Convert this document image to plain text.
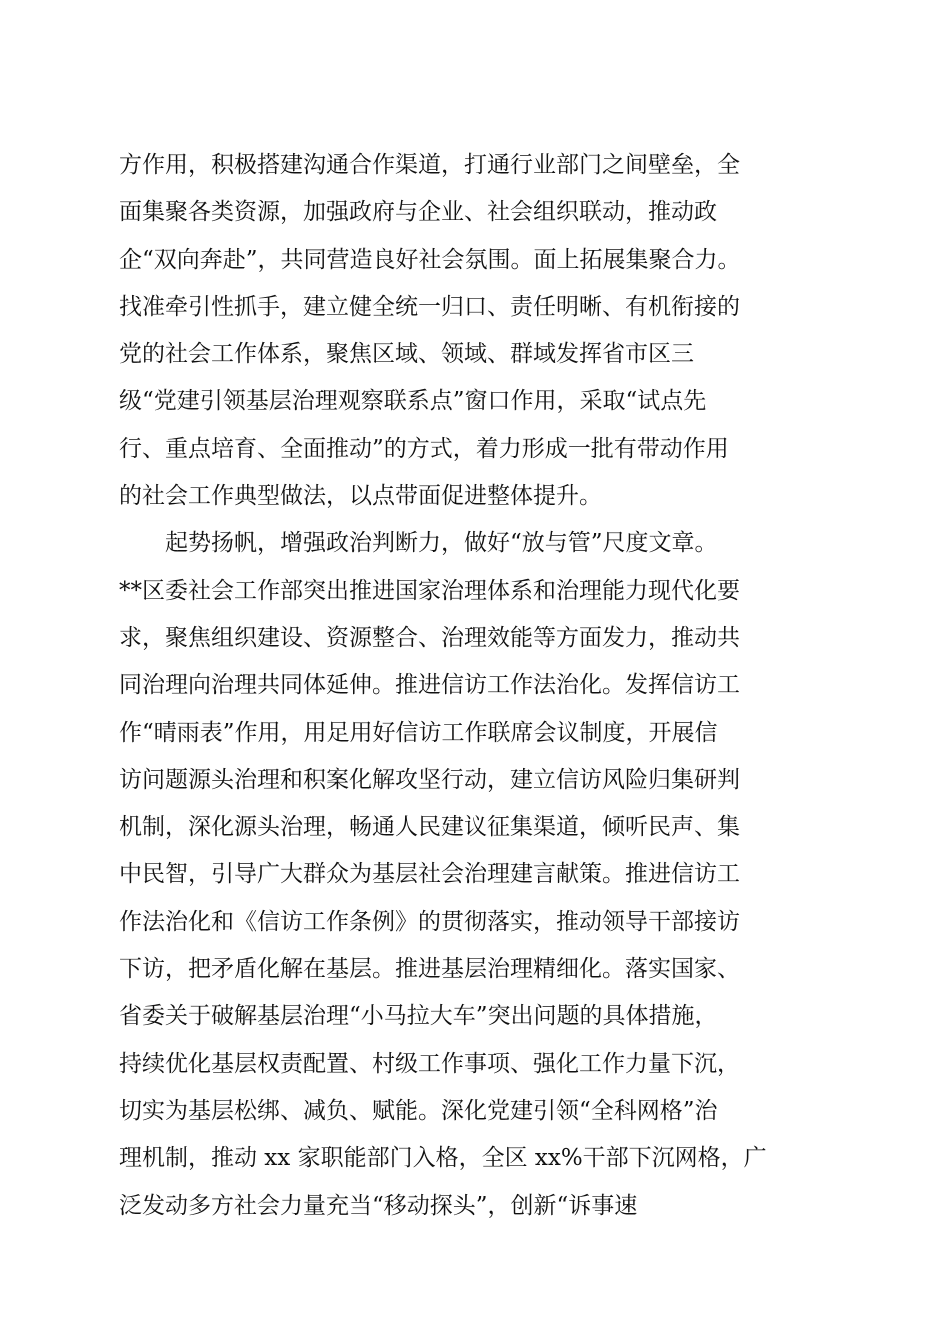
方作用，积极搭建沟通合作渠道，打通行业部门之间壁垒，全
面集聚各类资源，加强政府与企业、社会组织联动，推动政
企“双向奔赴”，共同营造良好社会氛围。面上拓展集聚合力。
找准牵引性抓手，建立健全统一归口、责任明晰、有机衔接的
党的社会工作体系，聚焦区域、领域、群域发挥省市区三
级“党建引领基层治理观察联系点”窗口作用，采取“试点先
行、重点培育、全面推动”的方式，着力形成一批有带动作用
的社会工作典型做法，以点带面促进整体提升。
起势扬帆，增强政治判断力，做好“放与管”尺度文章。
**区委社会工作部突出推进国家治理体系和治理能力现代化要
求，聚焦组织建设、资源整合、治理效能等方面发力，推动共
同治理向治理共同体延伸。推进信访工作法治化。发挥信访工
作“晴雨表”作用，用足用好信访工作联席会议制度，开展信
访问题源头治理和积案化解攻坚行动，建立信访风险归集研判
机制，深化源头治理，畅通人民建议征集渠道，倾听民声、集
中民智，引导广大群众为基层社会治理建言献策。推进信访工
作法治化和《信访工作条例》的贯彻落实，推动领导干部接访
下访，把矛盾化解在基层。推进基层治理精细化。落实国家、
省委关于破解基层治理“小马拉大车”突出问题的具体措施，
持续优化基层权责配置、村级工作事项、强化工作力量下沉，
切实为基层松绑、减负、赋能。深化党建引领“全科网格”治
理机制，推动 xx 家职能部门入格，全区 xx%干部下沉网格，广
泛发动多方社会力量充当“移动探头”，创新“诉事速
